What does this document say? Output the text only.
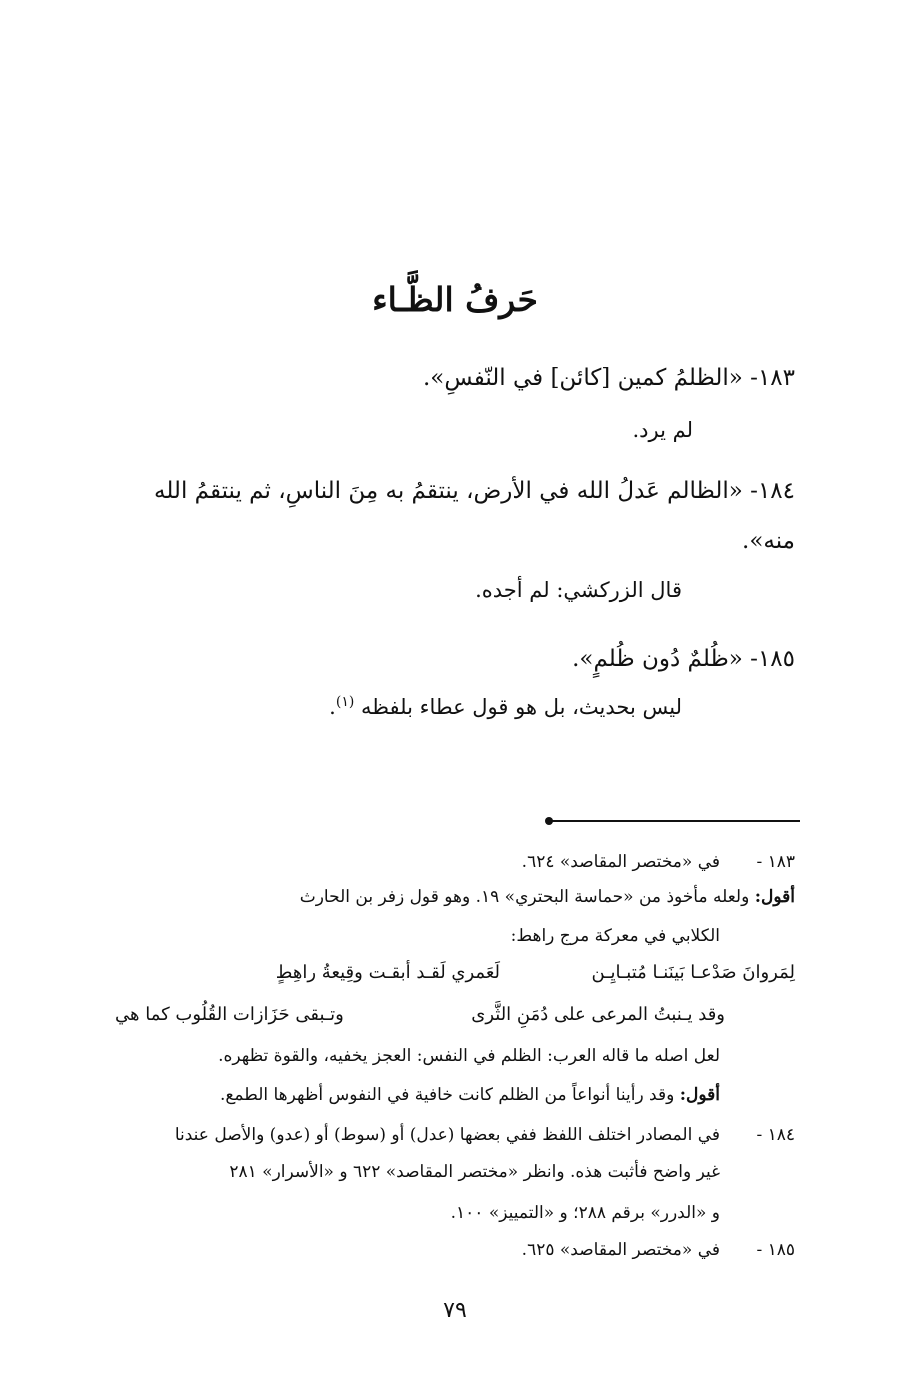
حَرفُ الظَّـاء
١٨٣- «الظلمُ كمين [كائن] في النّفسِ».
لم يرد.
١٨٤- «الظالم عَدلُ الله في الأرض، ينتقمُ به مِنَ الناسِ، ثم ينتقمُ الله
منه».
قال الزركشي: لم أجده.
١٨٥- «ظُلمٌ دُون ظُلمٍ».
ليس بحديث، بل هو قول عطاء بلفظه $^{(١)}$.
١٨٣ -
في «مختصر المقاصد» ٦٢٤.
أقول: ولعله مأخوذ من «حماسة البحتري» ١٩. وهو قول زفر بن الحارث
الكلابي في معركة مرج راهط:
لَعَمري لَقـد أبقـت وقِيعةُ راهِطٍ	لِمَروانَ صَدْعـا بَينَنـا مُتبـايِـن
وقد يـنبتُ المرعى على دُمَنِ الثَّرى
وتـبقى حَزَازات القُلُوب كما هي
لعل اصله ما قاله العرب: الظلم في النفس: العجز يخفيه، والقوة تظهره.
أقول: وقد رأينا أنواعاً من الظلم كانت خافية في النفوس أظهرها الطمع.
١٨٤ -
في المصادر اختلف اللفظ ففي بعضها (عدل) أو (سوط) أو (عدو) والأصل عندنا
غير واضح فأثبت هذه. وانظر «مختصر المقاصد» ٦٢٢ و «الأسرار» ٢٨١
و «الدرر» برقم ٢٨٨؛ و «التمييز» ١٠٠.
١٨٥ -
في «مختصر المقاصد» ٦٢٥.
٧٩
